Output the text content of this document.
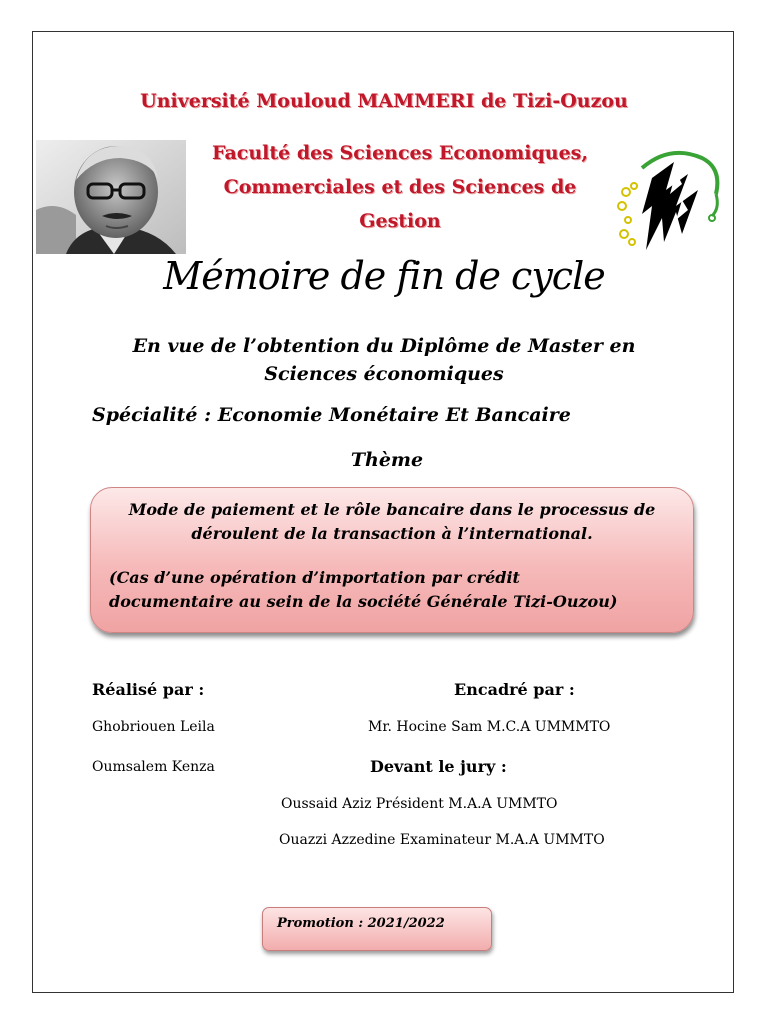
Université Mouloud MAMMERI de Tizi-Ouzou
Faculté des Sciences Economiques,
Commerciales et des Sciences de
Gestion
Mémoire de fin de cycle
En vue de l’obtention du Diplôme de Master en
Sciences économiques
Spécialité : Economie Monétaire Et Bancaire
Thème
Mode de paiement et le rôle bancaire dans le processus de
déroulent de la transaction à l’international.
(Cas d’une opération d’importation par crédit
documentaire au sein de la société Générale Tizi-Ouzou)
Réalisé par :	Encadré par :
Ghobriouen Leila	Mr. Hocine Sam M.C.A UMMMTO
Oumsalem Kenza	Devant le jury :
Oussaid Aziz Président M.A.A UMMTO
Ouazzi Azzedine Examinateur M.A.A UMMTO
Promotion : 2021/2022
